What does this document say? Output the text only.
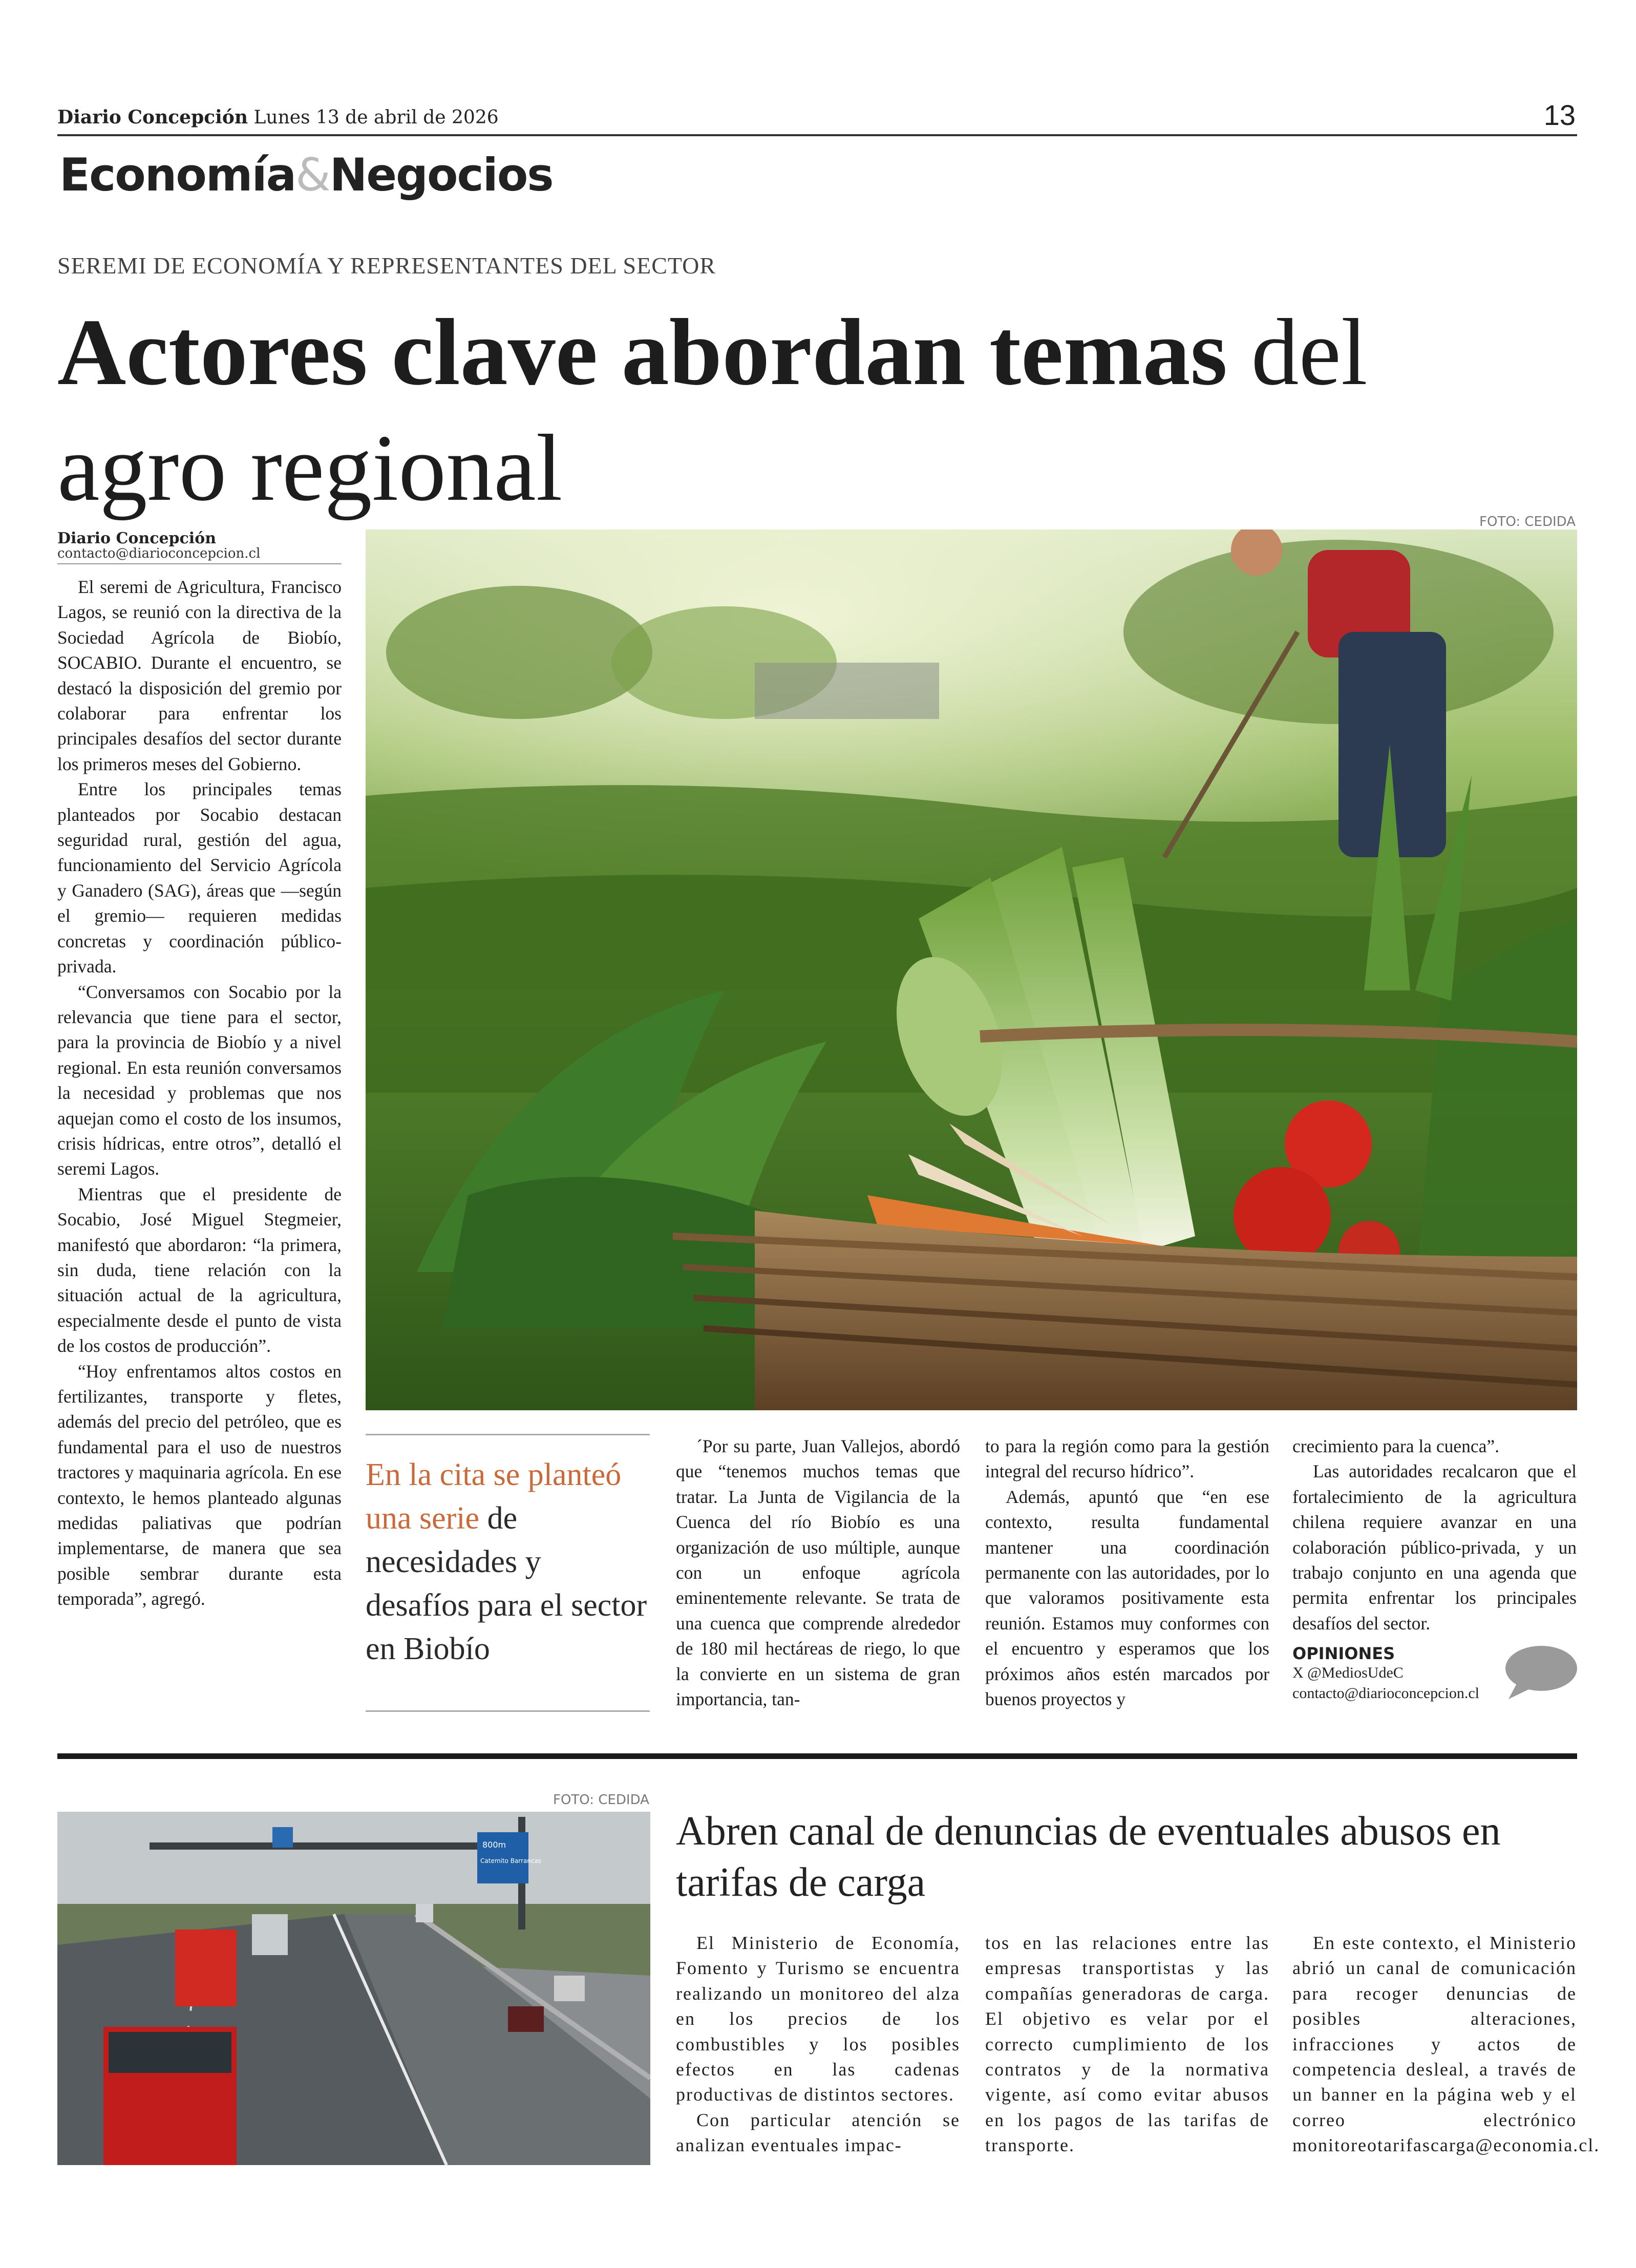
Diario Concepción Lunes 13 de abril de 2026	13
Economía&Negocios
SEREMI DE ECONOMÍA Y REPRESENTANTES DEL SECTOR
Actores clave abordan temas del agro regional
Diario Concepción
contacto@diarioconcepcion.cl

El seremi de Agricultura, Francisco Lagos, se reunió con la directiva de la Sociedad Agrícola de Biobío, SOCABIO. Durante el encuentro, se destacó la disposición del gremio por colaborar para enfrentar los principales desafíos del sector durante los primeros meses del Gobierno.

Entre los principales temas planteados por Socabio destacan seguridad rural, gestión del agua, funcionamiento del Servicio Agrícola y Ganadero (SAG), áreas que —según el gremio— requieren medidas concretas y coordinación público-privada.

“Conversamos con Socabio por la relevancia que tiene para el sector, para la provincia de Biobío y a nivel regional. En esta reunión conversamos la necesidad y problemas que nos aquejan como el costo de los insumos, crisis hídricas, entre otros”, detalló el seremi Lagos.

Mientras que el presidente de Socabio, José Miguel Stegmeier, manifestó que abordaron: “la primera, sin duda, tiene relación con la situación actual de la agricultura, especialmente desde el punto de vista de los costos de producción”.

“Hoy enfrentamos altos costos en fertilizantes, transporte y fletes, además del precio del petróleo, que es fundamental para el uso de nuestros tractores y maquinaria agrícola. En ese contexto, le hemos planteado algunas medidas paliativas que podrían implementarse, de manera que sea posible sembrar durante esta temporada”, agregó.

FOTO: CEDIDA
En la cita se planteó una serie de necesidades y desafíos para el sector en Biobío

´Por su parte, Juan Vallejos, abordó que “tenemos muchos temas que tratar. La Junta de Vigilancia de la Cuenca del río Biobío es una organización de uso múltiple, aunque con un enfoque agrícola eminentemente relevante. Se trata de una cuenca que comprende alrededor de 180 mil hectáreas de riego, lo que la convierte en un sistema de gran importancia, tan-

to para la región como para la gestión integral del recurso hídrico”.

Además, apuntó que “en ese contexto, resulta fundamental mantener una coordinación permanente con las autoridades, por lo que valoramos positivamente esta reunión. Estamos muy conformes con el encuentro y esperamos que los próximos años estén marcados por buenos proyectos y

crecimiento para la cuenca”.

Las autoridades recalcaron que el fortalecimiento de la agricultura chilena requiere avanzar en una colaboración público-privada, y un trabajo conjunto en una agenda que permita enfrentar los principales desafíos del sector.

OPINIONES
X @MediosUdeC
contacto@diarioconcepcion.cl
FOTO: CEDIDA
800m
Catemito Barrancas
Abren canal de denuncias de eventuales abusos en tarifas de carga

El Ministerio de Economía, Fomento y Turismo se encuentra realizando un monitoreo del alza en los precios de los combustibles y los posibles efectos en las cadenas productivas de distintos sectores.

Con particular atención se analizan eventuales impac-

tos en las relaciones entre las empresas transportistas y las compañías generadoras de carga. El objetivo es velar por el correcto cumplimiento de los contratos y de la normativa vigente, así como evitar abusos en los pagos de las tarifas de transporte.

En este contexto, el Ministerio abrió un canal de comunicación para recoger denuncias de posibles alteraciones, infracciones y actos de competencia desleal, a través de un banner en la página web y el correo electrónico monitoreotarifascarga@economia.cl.
